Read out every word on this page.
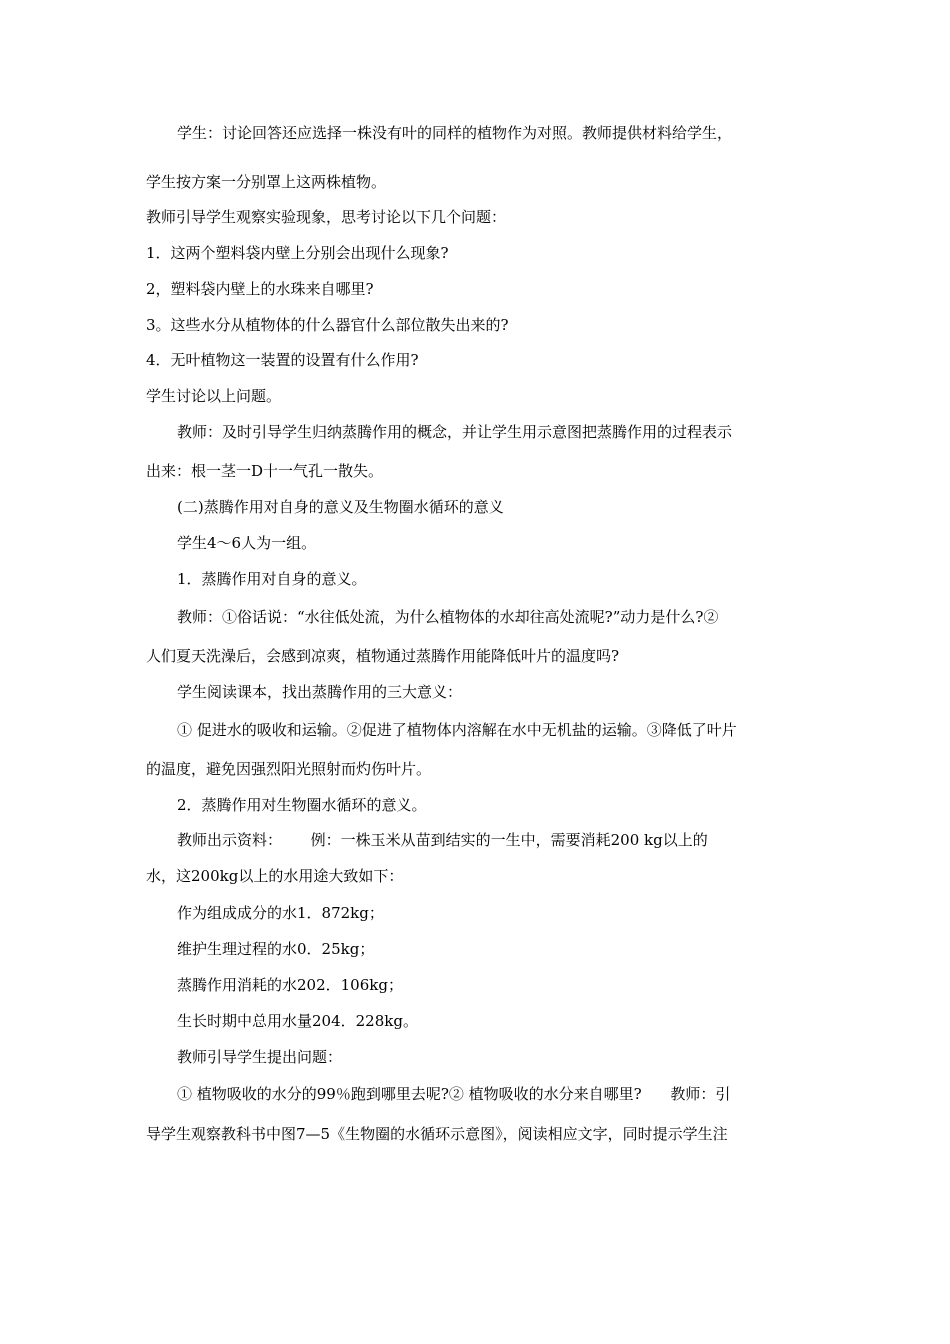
学生：讨论回答还应选择一株没有叶的同样的植物作为对照。教师提供材料给学生，
学生按方案一分别罩上这两株植物。
教师引导学生观察实验现象，思考讨论以下几个问题：
1．这两个塑料袋内壁上分别会出现什么现象?
2，塑料袋内壁上的水珠来自哪里?
3。这些水分从植物体的什么器官什么部位散失出来的?
4．无叶植物这一装置的设置有什么作用?
学生讨论以上问题。
教师：及时引导学生归纳蒸腾作用的概念，并让学生用示意图把蒸腾作用的过程表示
出来：根一茎一D十一气孔一散失。
(二)蒸腾作用对自身的意义及生物圈水循环的意义
学生4～6人为一组。
1．蒸腾作用对自身的意义。
教师：①俗话说：“水往低处流，为什么植物体的水却往高处流呢?”动力是什么?②
人们夏天洗澡后，会感到凉爽，植物通过蒸腾作用能降低叶片的温度吗?
学生阅读课本，找出蒸腾作用的三大意义：
① 促进水的吸收和运输。②促进了植物体内溶解在水中无机盐的运输。③降低了叶片
的温度，避免因强烈阳光照射而灼伤叶片。
2．蒸腾作用对生物圈水循环的意义。
教师出示资料：      例：一株玉米从苗到结实的一生中，需要消耗200 kg以上的
水，这200kg以上的水用途大致如下：
作为组成成分的水1．872kg；
维护生理过程的水0．25kg；
蒸腾作用消耗的水202．106kg；
生长时期中总用水量204．228kg。
教师引导学生提出问题：
① 植物吸收的水分的99％跑到哪里去呢?② 植物吸收的水分来自哪里?      教师：引
导学生观察教科书中图7—5《生物圈的水循环示意图》，阅读相应文字，同时提示学生注
